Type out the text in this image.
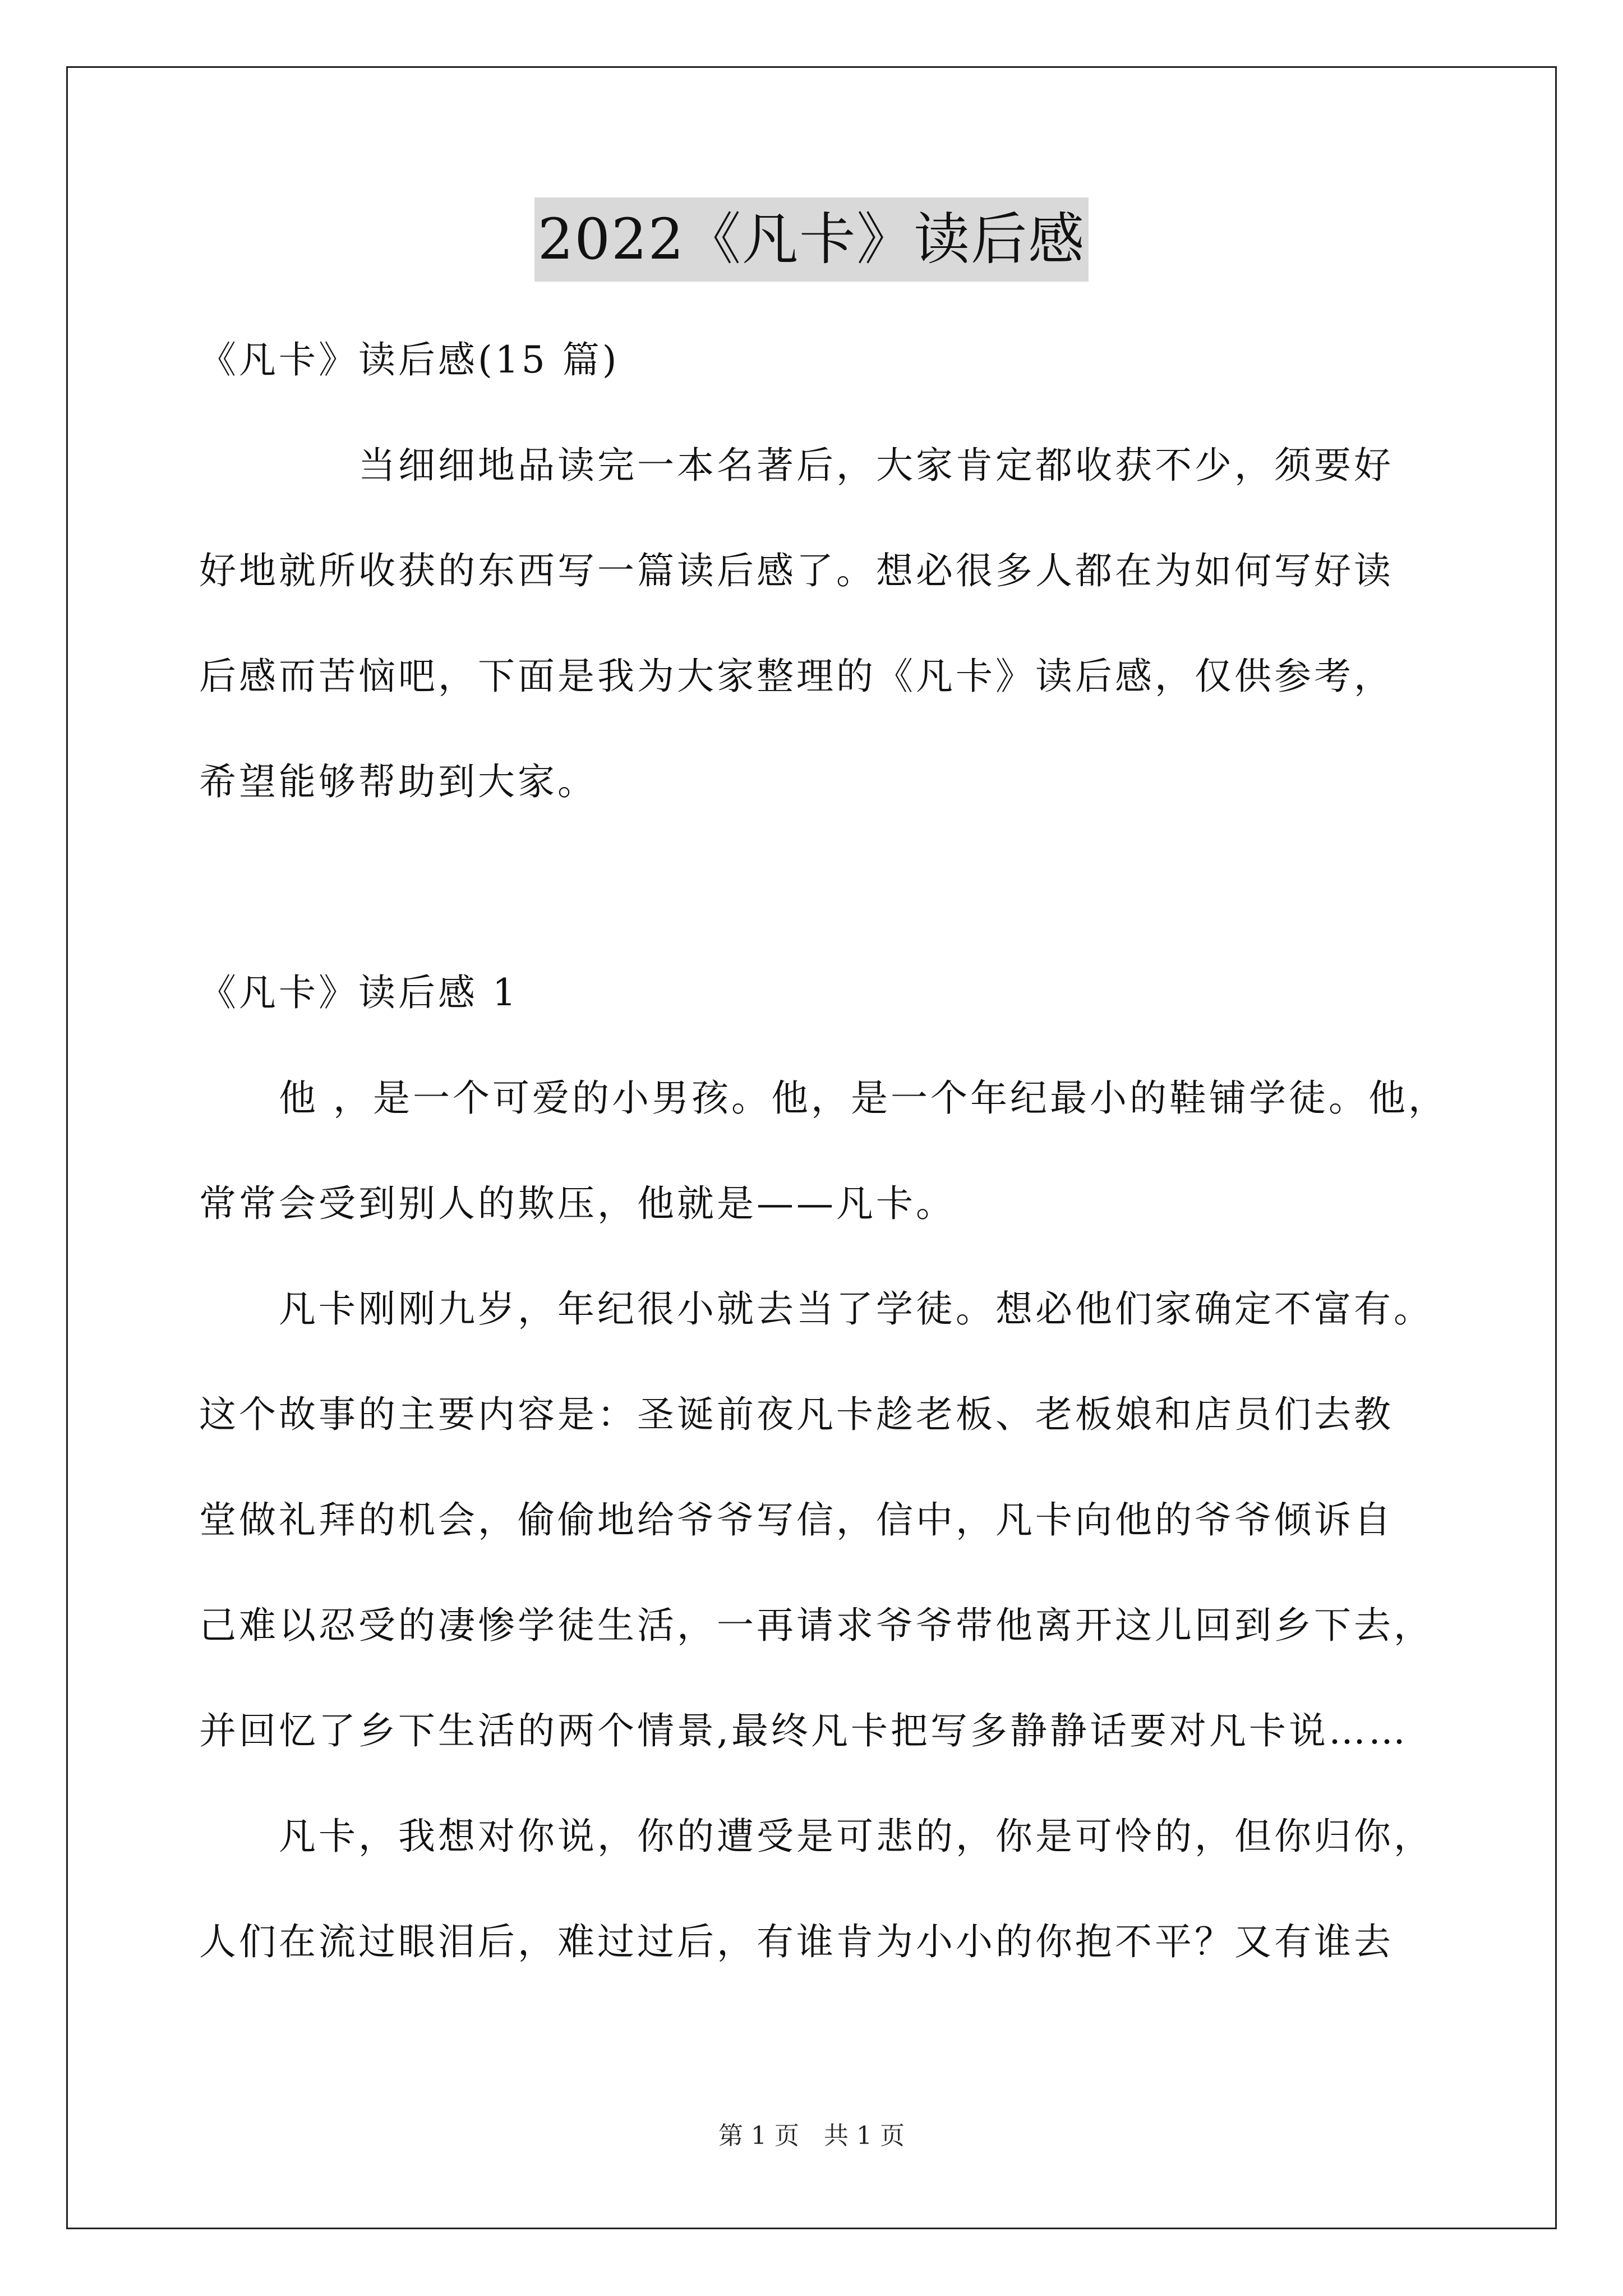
2022《凡卡》读后感
《凡卡》读后感(15 篇)
　　　　当细细地品读完一本名著后，大家肯定都收获不少，须要好
好地就所收获的东西写一篇读后感了。想必很多人都在为如何写好读
后感而苦恼吧，下面是我为大家整理的《凡卡》读后感，仅供参考，
希望能够帮助到大家。
《凡卡》读后感 1
　　他 ，是一个可爱的小男孩。他，是一个年纪最小的鞋铺学徒。他，
常常会受到别人的欺压，他就是——凡卡。
　　凡卡刚刚九岁，年纪很小就去当了学徒。想必他们家确定不富有。
这个故事的主要内容是：圣诞前夜凡卡趁老板、老板娘和店员们去教
堂做礼拜的机会，偷偷地给爷爷写信，信中，凡卡向他的爷爷倾诉自
己难以忍受的凄惨学徒生活，一再请求爷爷带他离开这儿回到乡下去，
并回忆了乡下生活的两个情景,最终凡卡把写多静静话要对凡卡说……
　　凡卡，我想对你说，你的遭受是可悲的，你是可怜的，但你归你，
人们在流过眼泪后，难过过后，有谁肯为小小的你抱不平？又有谁去
第 1 页　共 1 页
